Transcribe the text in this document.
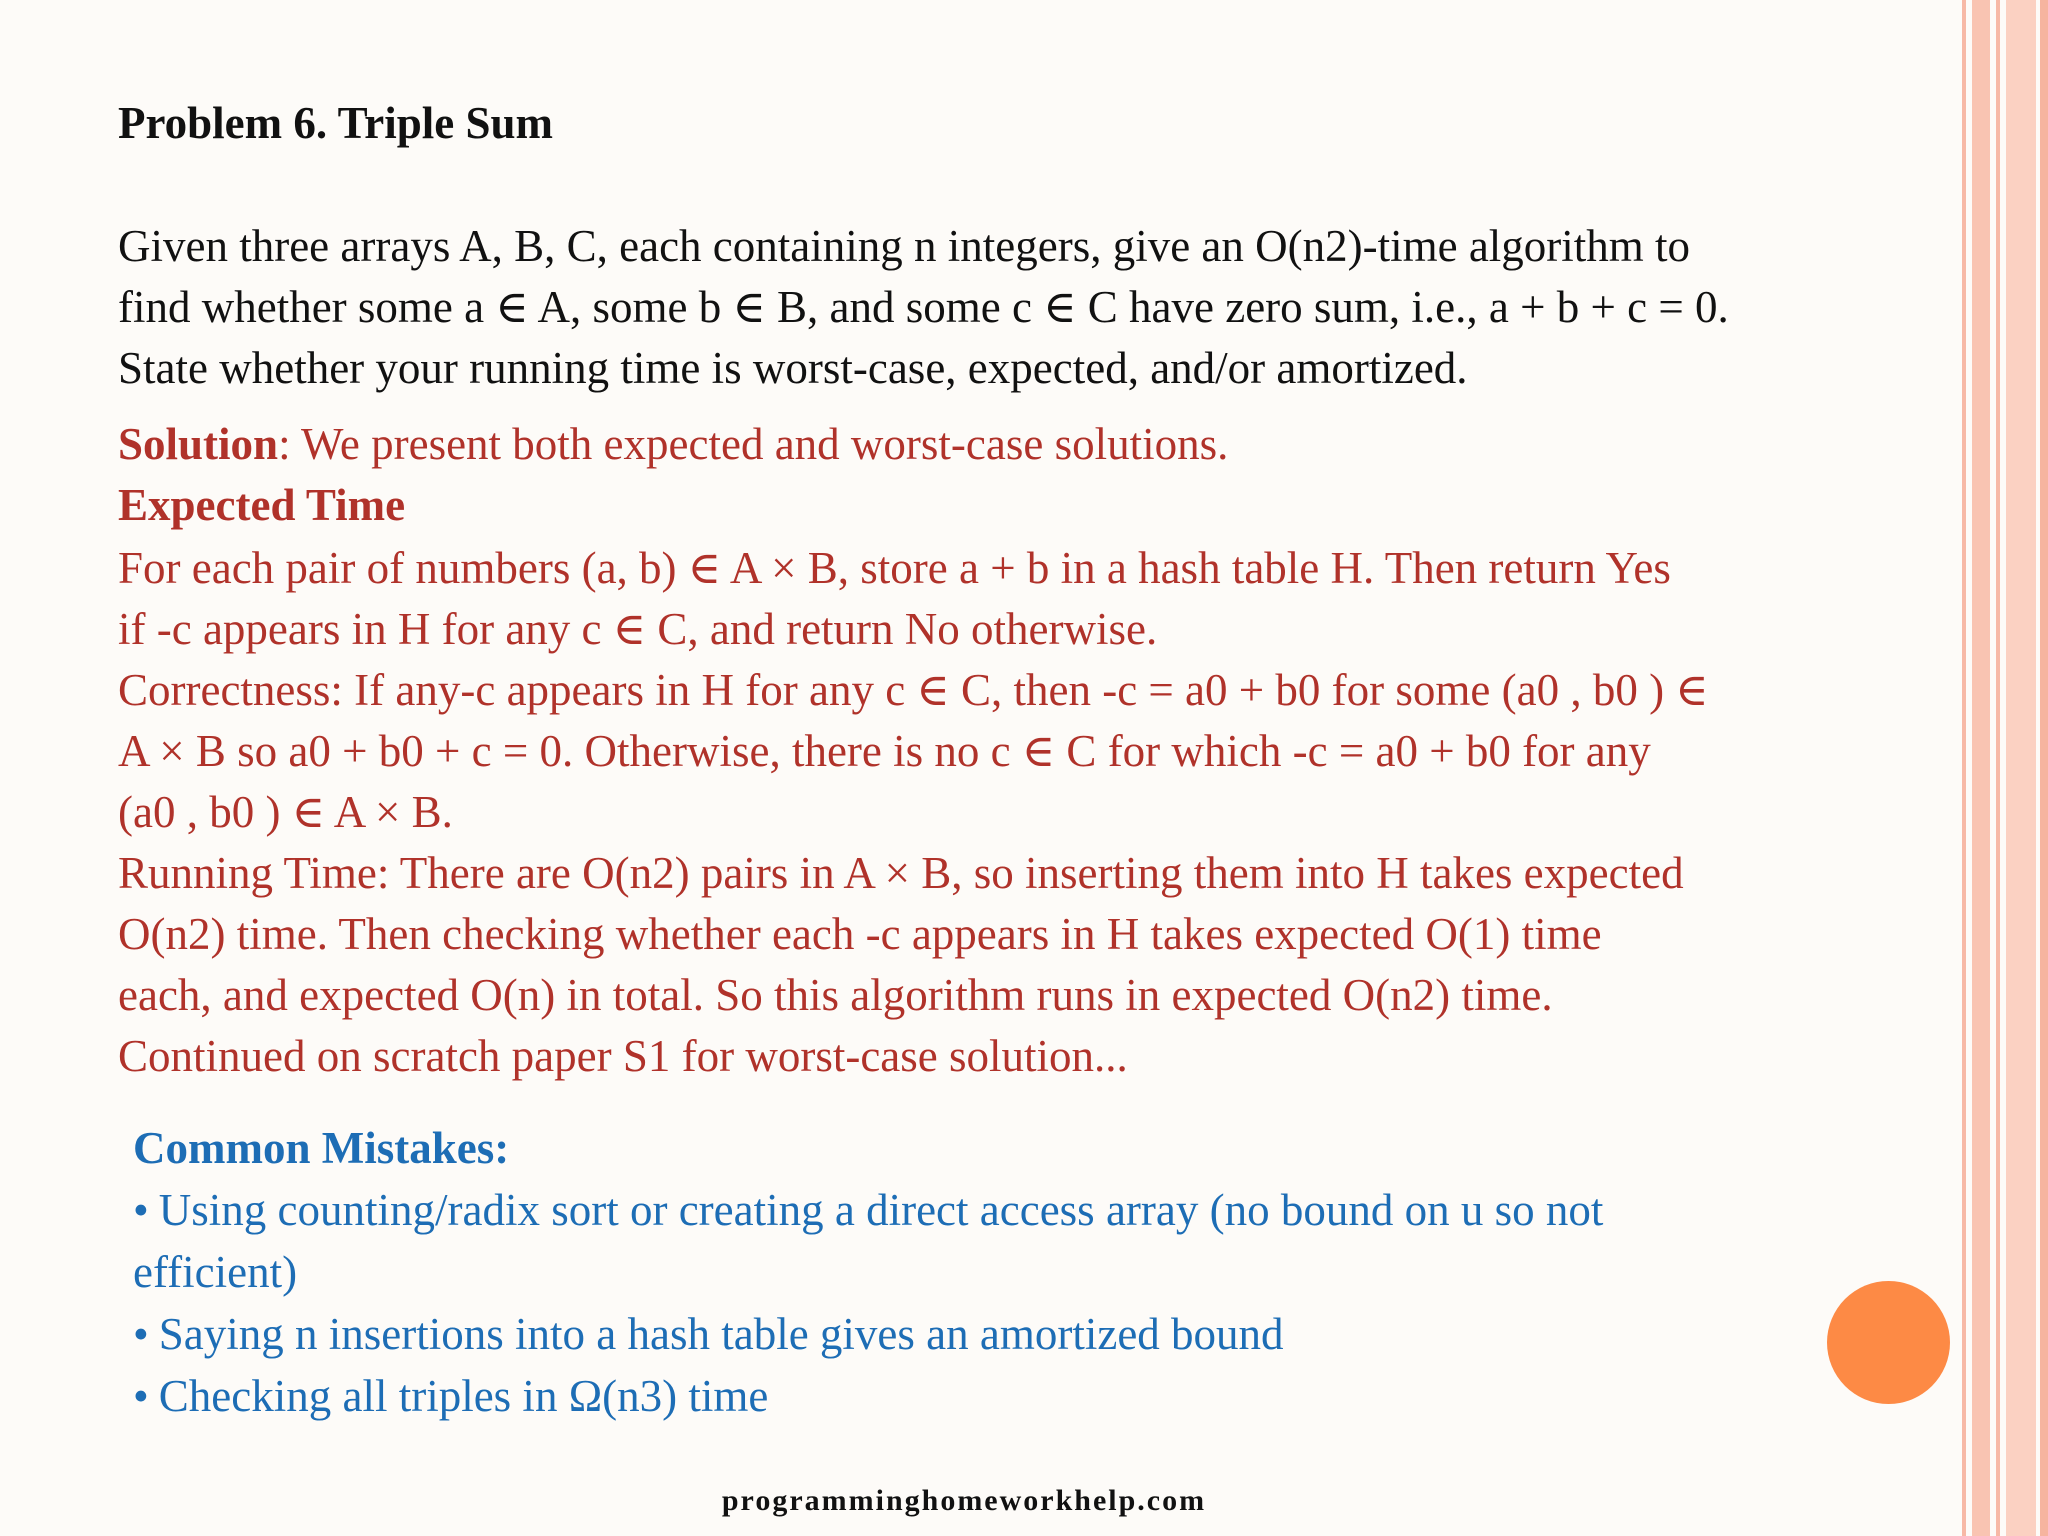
Problem 6. Triple Sum
Given three arrays A, B, C, each containing n integers, give an O(n2)-time algorithm to
find whether some a ∈ A, some b ∈ B, and some c ∈ C have zero sum, i.e., a + b + c = 0.
State whether your running time is worst-case, expected, and/or amortized.

Solution: We present both expected and worst-case solutions.

Expected Time

For each pair of numbers (a, b) ∈ A × B, store a + b in a hash table H. Then return Yes

if -c appears in H for any c ∈ C, and return No otherwise.

Correctness: If any-c appears in H for any c ∈ C, then -c = a0 + b0 for some (a0 , b0 ) ∈

A × B so a0 + b0 + c = 0. Otherwise, there is no c ∈ C for which -c = a0 + b0 for any

(a0 , b0 ) ∈ A × B.

Running Time: There are O(n2) pairs in A × B, so inserting them into H takes expected

O(n2) time. Then checking whether each -c appears in H takes expected O(1) time

each, and expected O(n) in total. So this algorithm runs in expected O(n2) time.

Continued on scratch paper S1 for worst-case solution...

Common Mistakes:

• Using counting/radix sort or creating a direct access array (no bound on u so not
efficient)
• Saying n insertions into a hash table gives an amortized bound
• Checking all triples in Ω(n3) time
programminghomeworkhelp.com
